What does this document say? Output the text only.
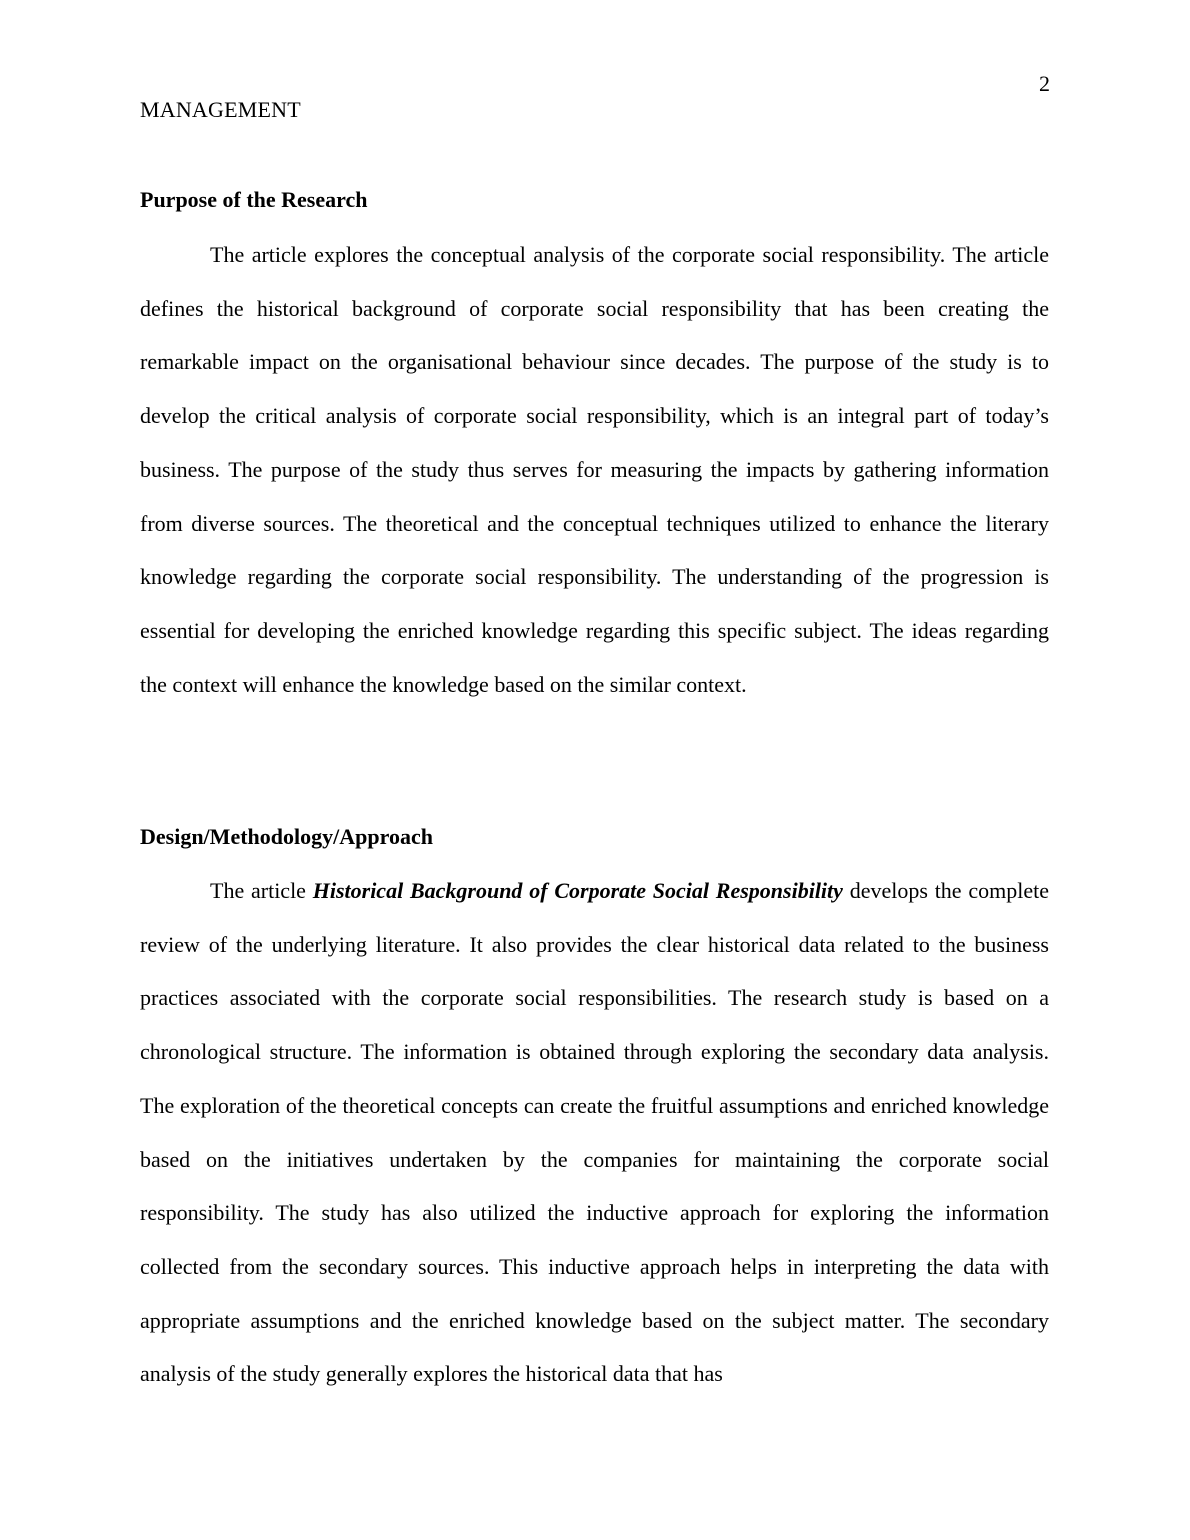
2
MANAGEMENT
Purpose of the Research

The article explores the conceptual analysis of the corporate social responsibility. The article defines the historical background of corporate social responsibility that has been creating the remarkable impact on the organisational behaviour since decades. The purpose of the study is to develop the critical analysis of corporate social responsibility, which is an integral part of today’s business. The purpose of the study thus serves for measuring the impacts by gathering information from diverse sources. The theoretical and the conceptual techniques utilized to enhance the literary knowledge regarding the corporate social responsibility. The understanding of the progression is essential for developing the enriched knowledge regarding this specific subject. The ideas regarding the context will enhance the knowledge based on the similar context.

Design/Methodology/Approach

The article Historical Background of Corporate Social Responsibility develops the complete review of the underlying literature. It also provides the clear historical data related to the business practices associated with the corporate social responsibilities. The research study is based on a chronological structure. The information is obtained through exploring the secondary data analysis. The exploration of the theoretical concepts can create the fruitful assumptions and enriched knowledge based on the initiatives undertaken by the companies for maintaining the corporate social responsibility. The study has also utilized the inductive approach for exploring the information collected from the secondary sources. This inductive approach helps in interpreting the data with appropriate assumptions and the enriched knowledge based on the subject matter. The secondary analysis of the study generally explores the historical data that has
